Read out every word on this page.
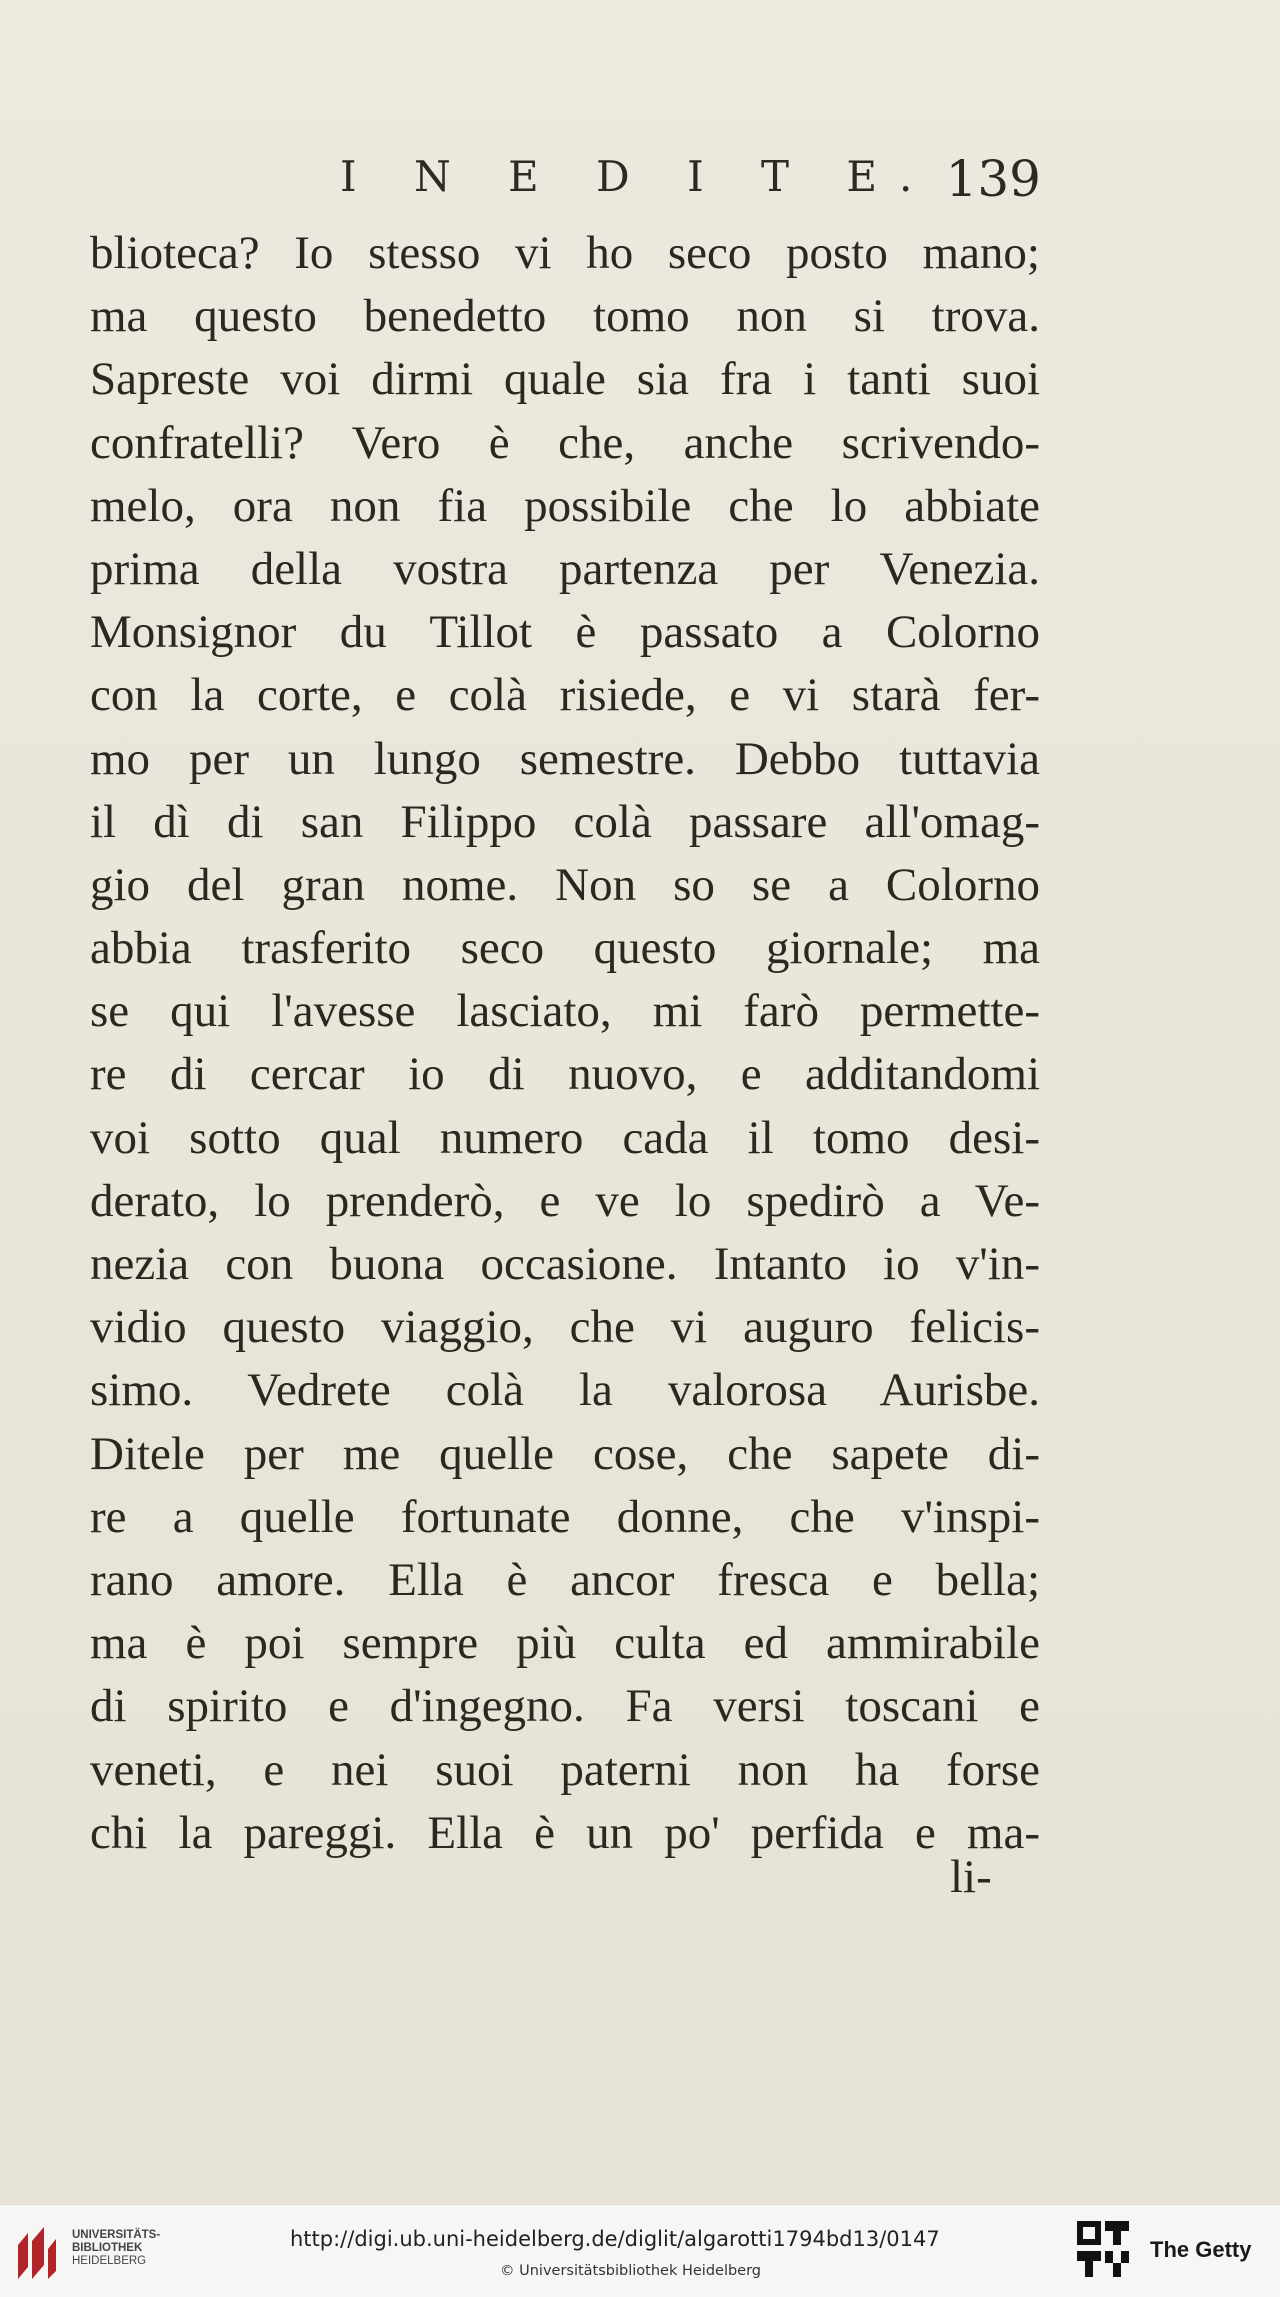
I N E D I T E. 139
blioteca? Io stesso vi ho seco posto mano;
ma questo benedetto tomo non si trova.
Sapreste voi dirmi quale sia fra i tanti suoi
confratelli? Vero è che, anche scrivendo-
melo, ora non fia possibile che lo abbiate
prima della vostra partenza per Venezia.
Monsignor du Tillot è passato a Colorno
con la corte, e colà risiede, e vi starà fer-
mo per un lungo semestre. Debbo tuttavia
il dì di san Filippo colà passare all'omag-
gio del gran nome. Non so se a Colorno
abbia trasferito seco questo giornale; ma
se qui l'avesse lasciato, mi farò permette-
re di cercar io di nuovo, e additandomi
voi sotto qual numero cada il tomo desi-
derato, lo prenderò, e ve lo spedirò a Ve-
nezia con buona occasione. Intanto io v'in-
vidio questo viaggio, che vi auguro felicis-
simo. Vedrete colà la valorosa Aurisbe.
Ditele per me quelle cose, che sapete di-
re a quelle fortunate donne, che v'inspi-
rano amore. Ella è ancor fresca e bella;
ma è poi sempre più culta ed ammirabile
di spirito e d'ingegno. Fa versi toscani e
veneti, e nei suoi paterni non ha forse
chi la pareggi. Ella è un po' perfida e ma-
li-
UNIVERSITÄTS-
BIBLIOTHEK
HEIDELBERG
http://digi.ub.uni-heidelberg.de/diglit/algarotti1794bd13/0147
© Universitätsbibliothek Heidelberg
The Getty
